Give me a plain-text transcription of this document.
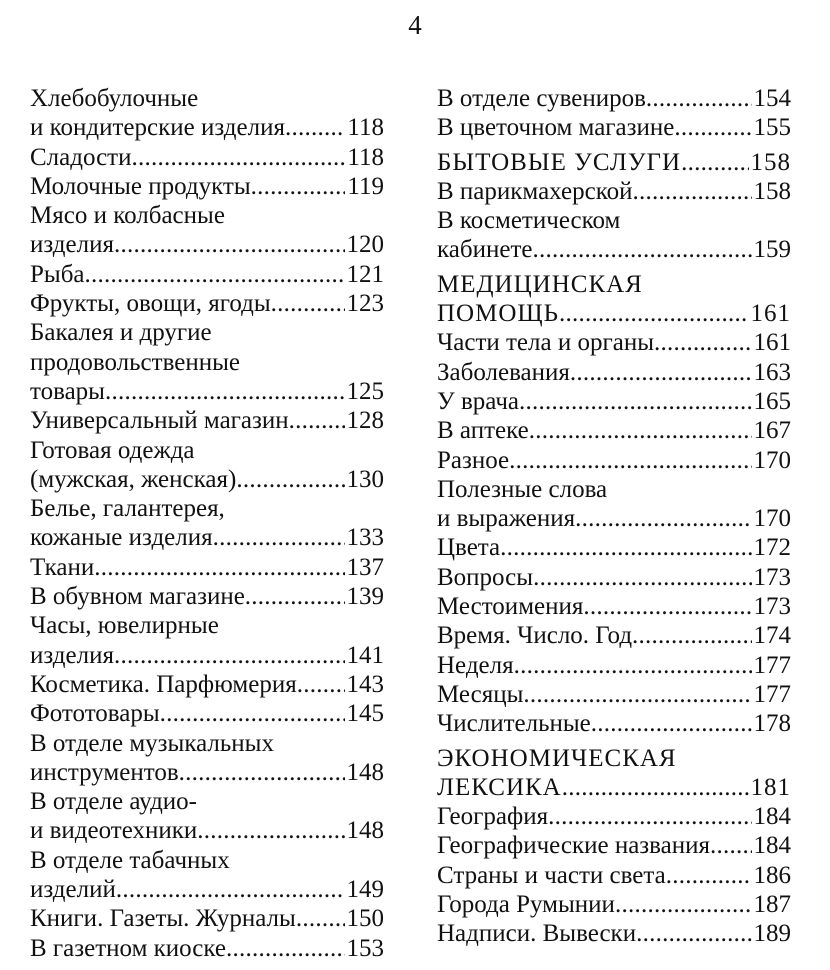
4
Хлебобулочные
и кондитерские изделия . . . 118
Сладости . . .	118
Молочные продукты . . .	119
Мясо и колбасные
изделия . . .	120
Рыба . . .	121
Фрукты, овощи, ягоды . . .	123
Бакалея и другие
продовольственные
товары . . .	125
Универсальный магазин . . . 128
Готовая одежда
(мужская, женская) . . .	130
Белье, галантерея,
кожаные изделия . . .	133
Ткани . . .	137
В обувном магазине . . .	139
Часы, ювелирные
изделия . . .	141
Косметика. Парфюмерия . . . 143
Фототовары . . .	145
В отделе музыкальных
инструментов . . .	148
В отделе аудио-
и видеотехники . . .	148
В отделе табачных
изделий . . .	149
Книги. Газеты. Журналы . . . 150
В газетном киоске . . .	153
В отделе сувениров . . .	154
В цветочном магазине . . .	155
БЫТОВЫЕ УСЛУГИ . . .	158
В парикмахерской . . .	158
В косметическом
кабинете . . .	159
МЕДИЦИНСКАЯ
ПОМОЩЬ . . .	161
Части тела и органы . . .	161
Заболевания . . .	163
У врача . . .	165
В аптеке . . .	167
Разное . . .	170
Полезные слова
и выражения . . .	170
Цвета . . .	172
Вопросы . . .	173
Местоимения . . .	173
Время. Число. Год . . .	174
Неделя . . .	177
Месяцы . . .	177
Числительные . . .	178
ЭКОНОМИЧЕСКАЯ
ЛЕКСИКА . . .	181
География . . .	184
Географические названия . . . 184
Страны и части света . . .	186
Города Румынии . . .	187
Надписи. Вывески . . .	189
